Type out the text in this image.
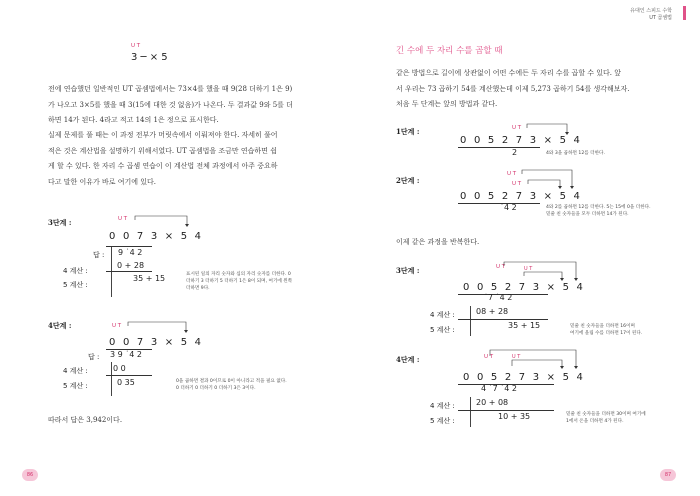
유대인 스피드 수학
UT 곱셈법
U T
3 ─ × 5
전에 연습했던 일반적인 UT 곱셈법에서는 73×4를 했을 때 9(28 더하기 1은 9)
가 나오고 3×5를 했을 때 3(15에 대한 것 없음)가 나온다. 두 결과값 9와 5를 더
하면 14가 된다. 4라고 적고 14의 1은 정으로 표시한다.
실제 문제를 풀 때는 이 과정 전부가 머릿속에서 이뤄져야 한다. 자세히 풀어
적은 것은 계산법을 설명하기 위해서였다. UT 곱셈법을 조금만 연습하면 쉽
게 할 수 있다. 한 자리 수 곱셈 연습이 이 계산법 전체 과정에서 아주 중요하
다고 말한 이유가 바로 여기에 있다.
3단계 :	U T
0 0 7 3 × 5 4
답 : 9 ˙4 2
4 계산 :
0 + 28
5 계산 :
35 + 15	표시된 일의 자리 숫자와 십의 자리 숫자를 더한다. 0
더하기 3 더하기 5 더하기 1은 8이 되며, 여기에 왼쪽
더하면 9다.
4단계 :	U T
0 0 7 3 × 5 4
답 : 3 9 ˙4 2
4 계산 :	0 0
5 계산 :	0 35	0을 곱하면 결과 0이므로 0이 아니라고 적을 필요 없다.
0 더하기 0 더하기 0 더하기 3은 3이다.
따라서 답은 3,942이다.
86
긴 수에 두 자리 수를 곱할 때
같은 방법으로 길이에 상관없이 어떤 수에든 두 자리 수를 곱할 수 있다. 앞
서 우리는 73 곱하기 54를 계산했는데 이제 5,273 곱하기 54를 생각해보자.
처음 두 단계는 앞의 방법과 같다.
1단계 :	U T
0 0 5 2 7 3 × 5 4
2	4와 3을 곱하면 12를 더한다.
2단계 :
U T
U T
0 0 5 2 7 3 × 5 4
˙4 2	4와 2를 곱하면 12를 더한다. 5는 15에 0을 더한다.
밑줄 친 숫자들을 모두 더하면 14가 된다.
이제 같은 과정을 반복한다.
3단계 :	U T	U T
0 0 5 2 7 3 × 5 4
˙7 ˙4 2
4 계산 :	08 + 28
5 계산 :	35 + 15	밑줄 친 숫자들을 더하면 16이며
여기에 올림 수를 더하면 17이 된다.
4단계 :	U T	U T
0 0 5 2 7 3 × 5 4
4 ˙7 ˙4 2
4 계산 :	20 + 08
5 계산 :	10 + 35	밑줄 친 숫자들을 더하면 30이며 여기에
1에서 온을 더하면 4가 된다.
87
